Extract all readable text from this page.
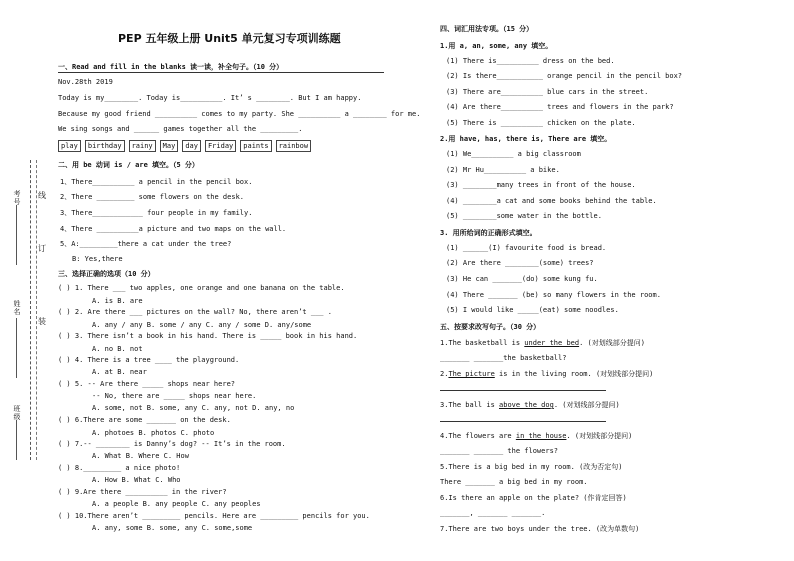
考号
姓名
班级
线
订
装
PEP 五年级上册 Unit5 单元复习专项训练题
一、Read and fill in the blanks 读一读，补全句子。（10 分）
Nov.28th 2019
Today is my________. Today is__________. It’ s ________. But I am happy.
Because my good friend __________ comes to my party. She __________ a ________ for me.
We sing songs and ______ games together all the _________.
play	birthday	rainy	May	day	Friday	paints	rainbow
二、用 be 动词 is / are 填空。（5 分）
1、There__________ a pencil in the pencil box.
2、There _________ some flowers on the desk.
3、There____________ four people in my family.
4、There __________a picture and two maps on the wall.
5、A:_________there a cat under the tree?
B: Yes,there
三、选择正确的选项（10 分）
( ) 1. There ___ two apples, one orange and one banana on the table.
A. is B. are
( ) 2. Are there ___ pictures on the wall? No, there aren’t ___ .
A. any / any B. some / any C. any / some D. any/some
( ) 3. There isn’t a book in his hand. There is _____ book in his hand.
A. no B. not
( ) 4. There is a tree ____ the playground.
A. at B. near
( ) 5. -- Are there _____ shops near here?
-- No, there are _____ shops near here.
A. some, not B. some, any C. any, not D. any, no
( ) 6.There are some _______ on the desk.
A. photoes B. photos C. photo
( ) 7.-- ________ is Danny’s dog? -- It’s in the room.
A. What B. Where C. How
( ) 8._________ a nice photo!
A. How B. What C. Who
( ) 9.Are there __________ in the river?
A. a people B. any people C. any peoples
( ) 10.There aren’t _________ pencils. Here are _________ pencils for you.
A. any, some B. some, any C. some,some
四、词汇用法专项。（15 分）
1.用 a, an, some, any 填空。
(1) There is__________ dress on the bed.
(2) Is there___________ orange pencil in the pencil box?
(3) There are__________ blue cars in the street.
(4) Are there__________ trees and flowers in the park?
(5) There is __________ chicken on the plate.
2.用 have, has, there is, There are 填空。
(1) We__________ a big classroom
(2) Mr Hu__________ a bike.
(3) ________many trees in front of the house.
(4) ________a cat and some books behind the table.
(5) ________some water in the bottle.
3. 用所给词的正确形式填空。
(1) ______(I) favourite food is bread.
(2) Are there ________(some) trees?
(3) He can _______(do) some kung fu.
(4) There _______ (be) so many flowers in the room.
(5) I would like _____(eat) some noodles.
五、按要求改写句子。（30 分）
1.The basketball is under the bed. (对划线部分提问)
_______ _______the basketball?
2.The picture is in the living room. (对划线部分提问)
3.The ball is above the dog. (对划线部分提问)
4.The flowers are in the house. (对划线部分提问)
_______ _______ the flowers?
5.There is a big bed in my room. (改为否定句)
There _______ a big bed in my room.
6.Is there an apple on the plate? (作肯定回答)
_______, _______ _______.
7.There are two boys under the tree. (改为单数句)
